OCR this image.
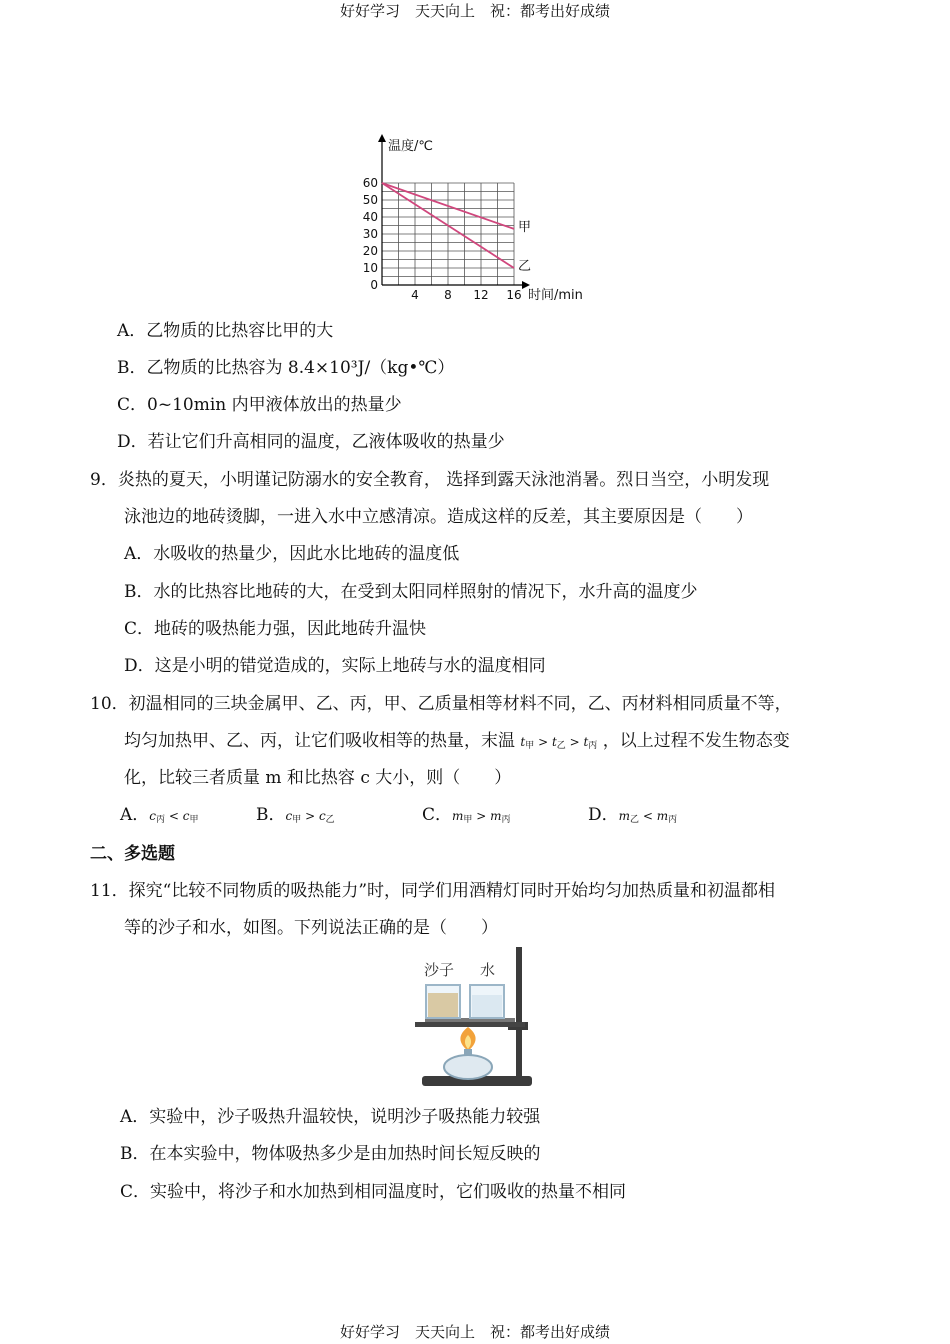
好好学习　天天向上　祝：都考出好成绩
4 8 12 16
0
10
20
30
40
50
60
温度/℃
时间/min
甲
乙
A．乙物质的比热容比甲的大
B．乙物质的比热容为 8.4×10³J/（kg•℃）
C．0~10min 内甲液体放出的热量少
D．若让它们升高相同的温度，乙液体吸收的热量少
9．炎热的夏天，小明谨记防溺水的安全教育， 选择到露天泳池消暑。烈日当空，小明发现
泳池边的地砖烫脚，一进入水中立感清凉。造成这样的反差，其主要原因是（　　）
A．水吸收的热量少，因此水比地砖的温度低
B．水的比热容比地砖的大，在受到太阳同样照射的情况下，水升高的温度少
C．地砖的吸热能力强，因此地砖升温快
D．这是小明的错觉造成的，实际上地砖与水的温度相同
10．初温相同的三块金属甲、乙、丙，甲、乙质量相等材料不同，乙、丙材料相同质量不等，
均匀加热甲、乙、丙，让它们吸收相等的热量，末温 $t_甲 > t_乙 > t_丙$ ，以上过程不发生物态变
化，比较三者质量 m 和比热容 c 大小，则（　　）
A．$c_丙 < c_甲$	B．$c_甲 > c_乙$	C．$m_甲 > m_丙$	D．$m_乙 < m_丙$
二、多选题
11．探究“比较不同物质的吸热能力”时，同学们用酒精灯同时开始均匀加热质量和初温都相
等的沙子和水，如图。下列说法正确的是（　　）
沙子 水
A．实验中，沙子吸热升温较快，说明沙子吸热能力较强
B．在本实验中，物体吸热多少是由加热时间长短反映的
C．实验中，将沙子和水加热到相同温度时，它们吸收的热量不相同
好好学习　天天向上　祝：都考出好成绩
